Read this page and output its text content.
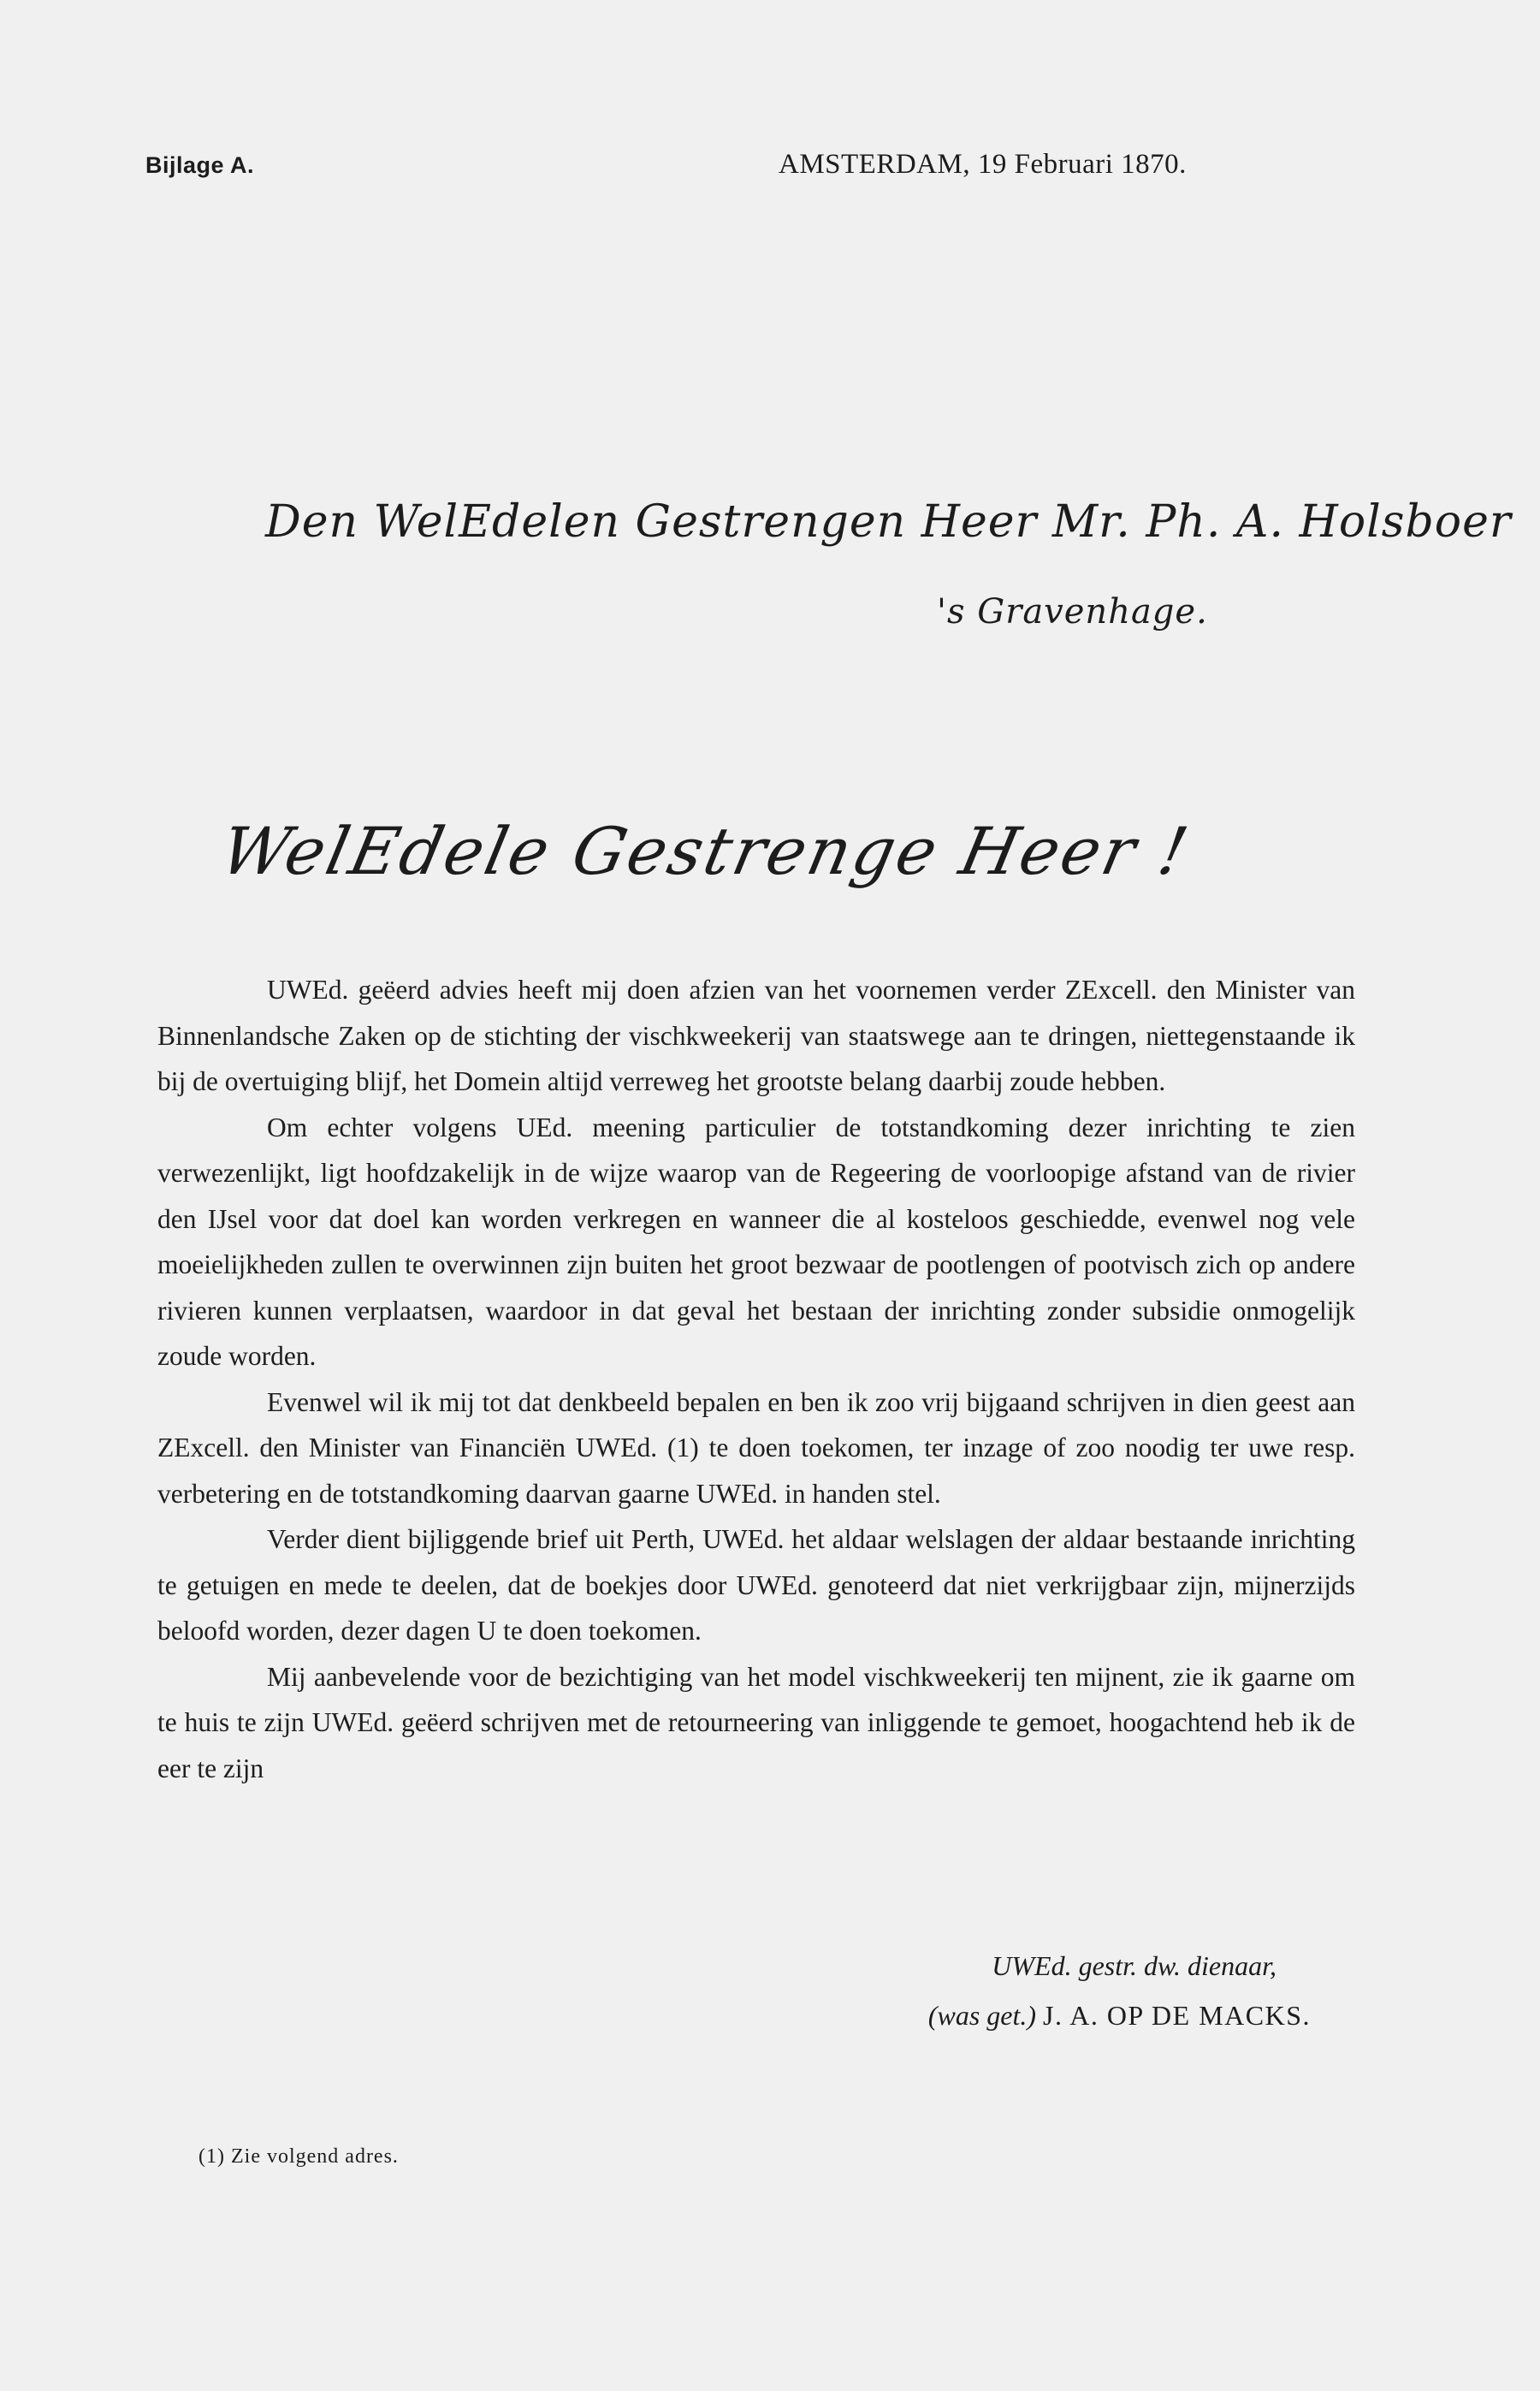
Bijlage A.	AMSTERDAM, 19 Februari 1870.
Den WelEdelen Gestrengen Heer Mr. Ph. A. Holsboer
's Gravenhage.
WelEdele Gestrenge Heer !

UWEd. geëerd advies heeft mij doen afzien van het voornemen verder ZExcell. den Minister van Binnenlandsche Zaken op de stichting der vischkweekerij van staatswege aan te dringen, niettegenstaande ik bij de overtuiging blijf, het Domein altijd verreweg het grootste belang daarbij zoude hebben.

Om echter volgens UEd. meening particulier de totstandkoming dezer inrichting te zien verwezenlijkt, ligt hoofdzakelijk in de wijze waarop van de Regeering de voorloopige afstand van de rivier den IJsel voor dat doel kan worden verkregen en wanneer die al kosteloos geschiedde, evenwel nog vele moeielijkheden zullen te overwinnen zijn buiten het groot bezwaar de pootlengen of pootvisch zich op andere rivieren kunnen verplaatsen, waardoor in dat geval het bestaan der inrichting zonder subsidie onmogelijk zoude worden.

Evenwel wil ik mij tot dat denkbeeld bepalen en ben ik zoo vrij bijgaand schrijven in dien geest aan ZExcell. den Minister van Financiën UWEd. (1) te doen toekomen, ter inzage of zoo noodig ter uwe resp. verbetering en de totstandkoming daarvan gaarne UWEd. in handen stel.

Verder dient bijliggende brief uit Perth, UWEd. het aldaar welslagen der aldaar bestaande inrichting te getuigen en mede te deelen, dat de boekjes door UWEd. genoteerd dat niet verkrijgbaar zijn, mijnerzijds beloofd worden, dezer dagen U te doen toekomen.

Mij aanbevelende voor de bezichtiging van het model vischkweekerij ten mijnent, zie ik gaarne om te huis te zijn UWEd. geëerd schrijven met de retourneering van inliggende te gemoet, hoogachtend heb ik de eer te zijn

UWEd. gestr. dw. dienaar,
(was get.) J. A. OP DE MACKS.
(1) Zie volgend adres.
